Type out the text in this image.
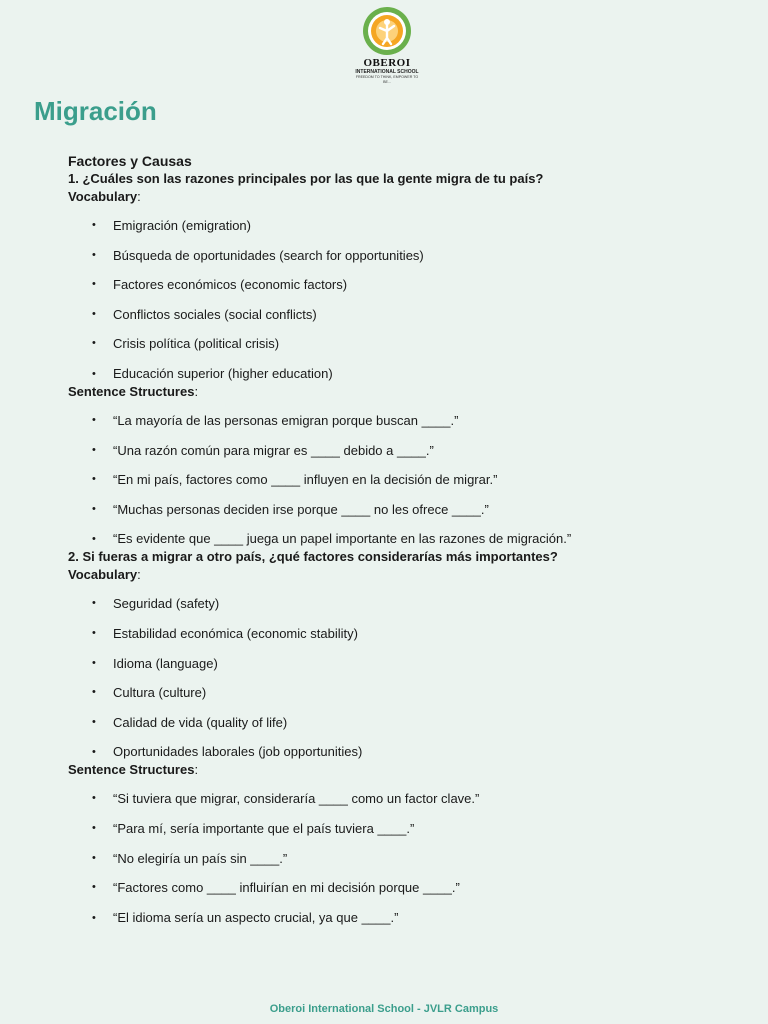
OBEROI
INTERNATIONAL SCHOOL
FREEDOM TO THINK, EMPOWER TO BE...
Migración
Factores y Causas
1. ¿Cuáles son las razones principales por las que la gente migra de tu país?
Vocabulary:
• Emigración (emigration)
• Búsqueda de oportunidades (search for opportunities)
• Factores económicos (economic factors)
• Conflictos sociales (social conflicts)
• Crisis política (political crisis)
• Educación superior (higher education)
Sentence Structures:
• “La mayoría de las personas emigran porque buscan ____.”
• “Una razón común para migrar es ____ debido a ____.”
• “En mi país, factores como ____ influyen en la decisión de migrar.”
• “Muchas personas deciden irse porque ____ no les ofrece ____.”
• “Es evidente que ____ juega un papel importante en las razones de migración.”
2. Si fueras a migrar a otro país, ¿qué factores considerarías más importantes?
Vocabulary:
• Seguridad (safety)
• Estabilidad económica (economic stability)
• Idioma (language)
• Cultura (culture)
• Calidad de vida (quality of life)
• Oportunidades laborales (job opportunities)
Sentence Structures:
• “Si tuviera que migrar, consideraría ____ como un factor clave.”
• “Para mí, sería importante que el país tuviera ____.”
• “No elegiría un país sin ____.”
• “Factores como ____ influirían en mi decisión porque ____.”
• “El idioma sería un aspecto crucial, ya que ____.”
Oberoi International School - JVLR Campus
